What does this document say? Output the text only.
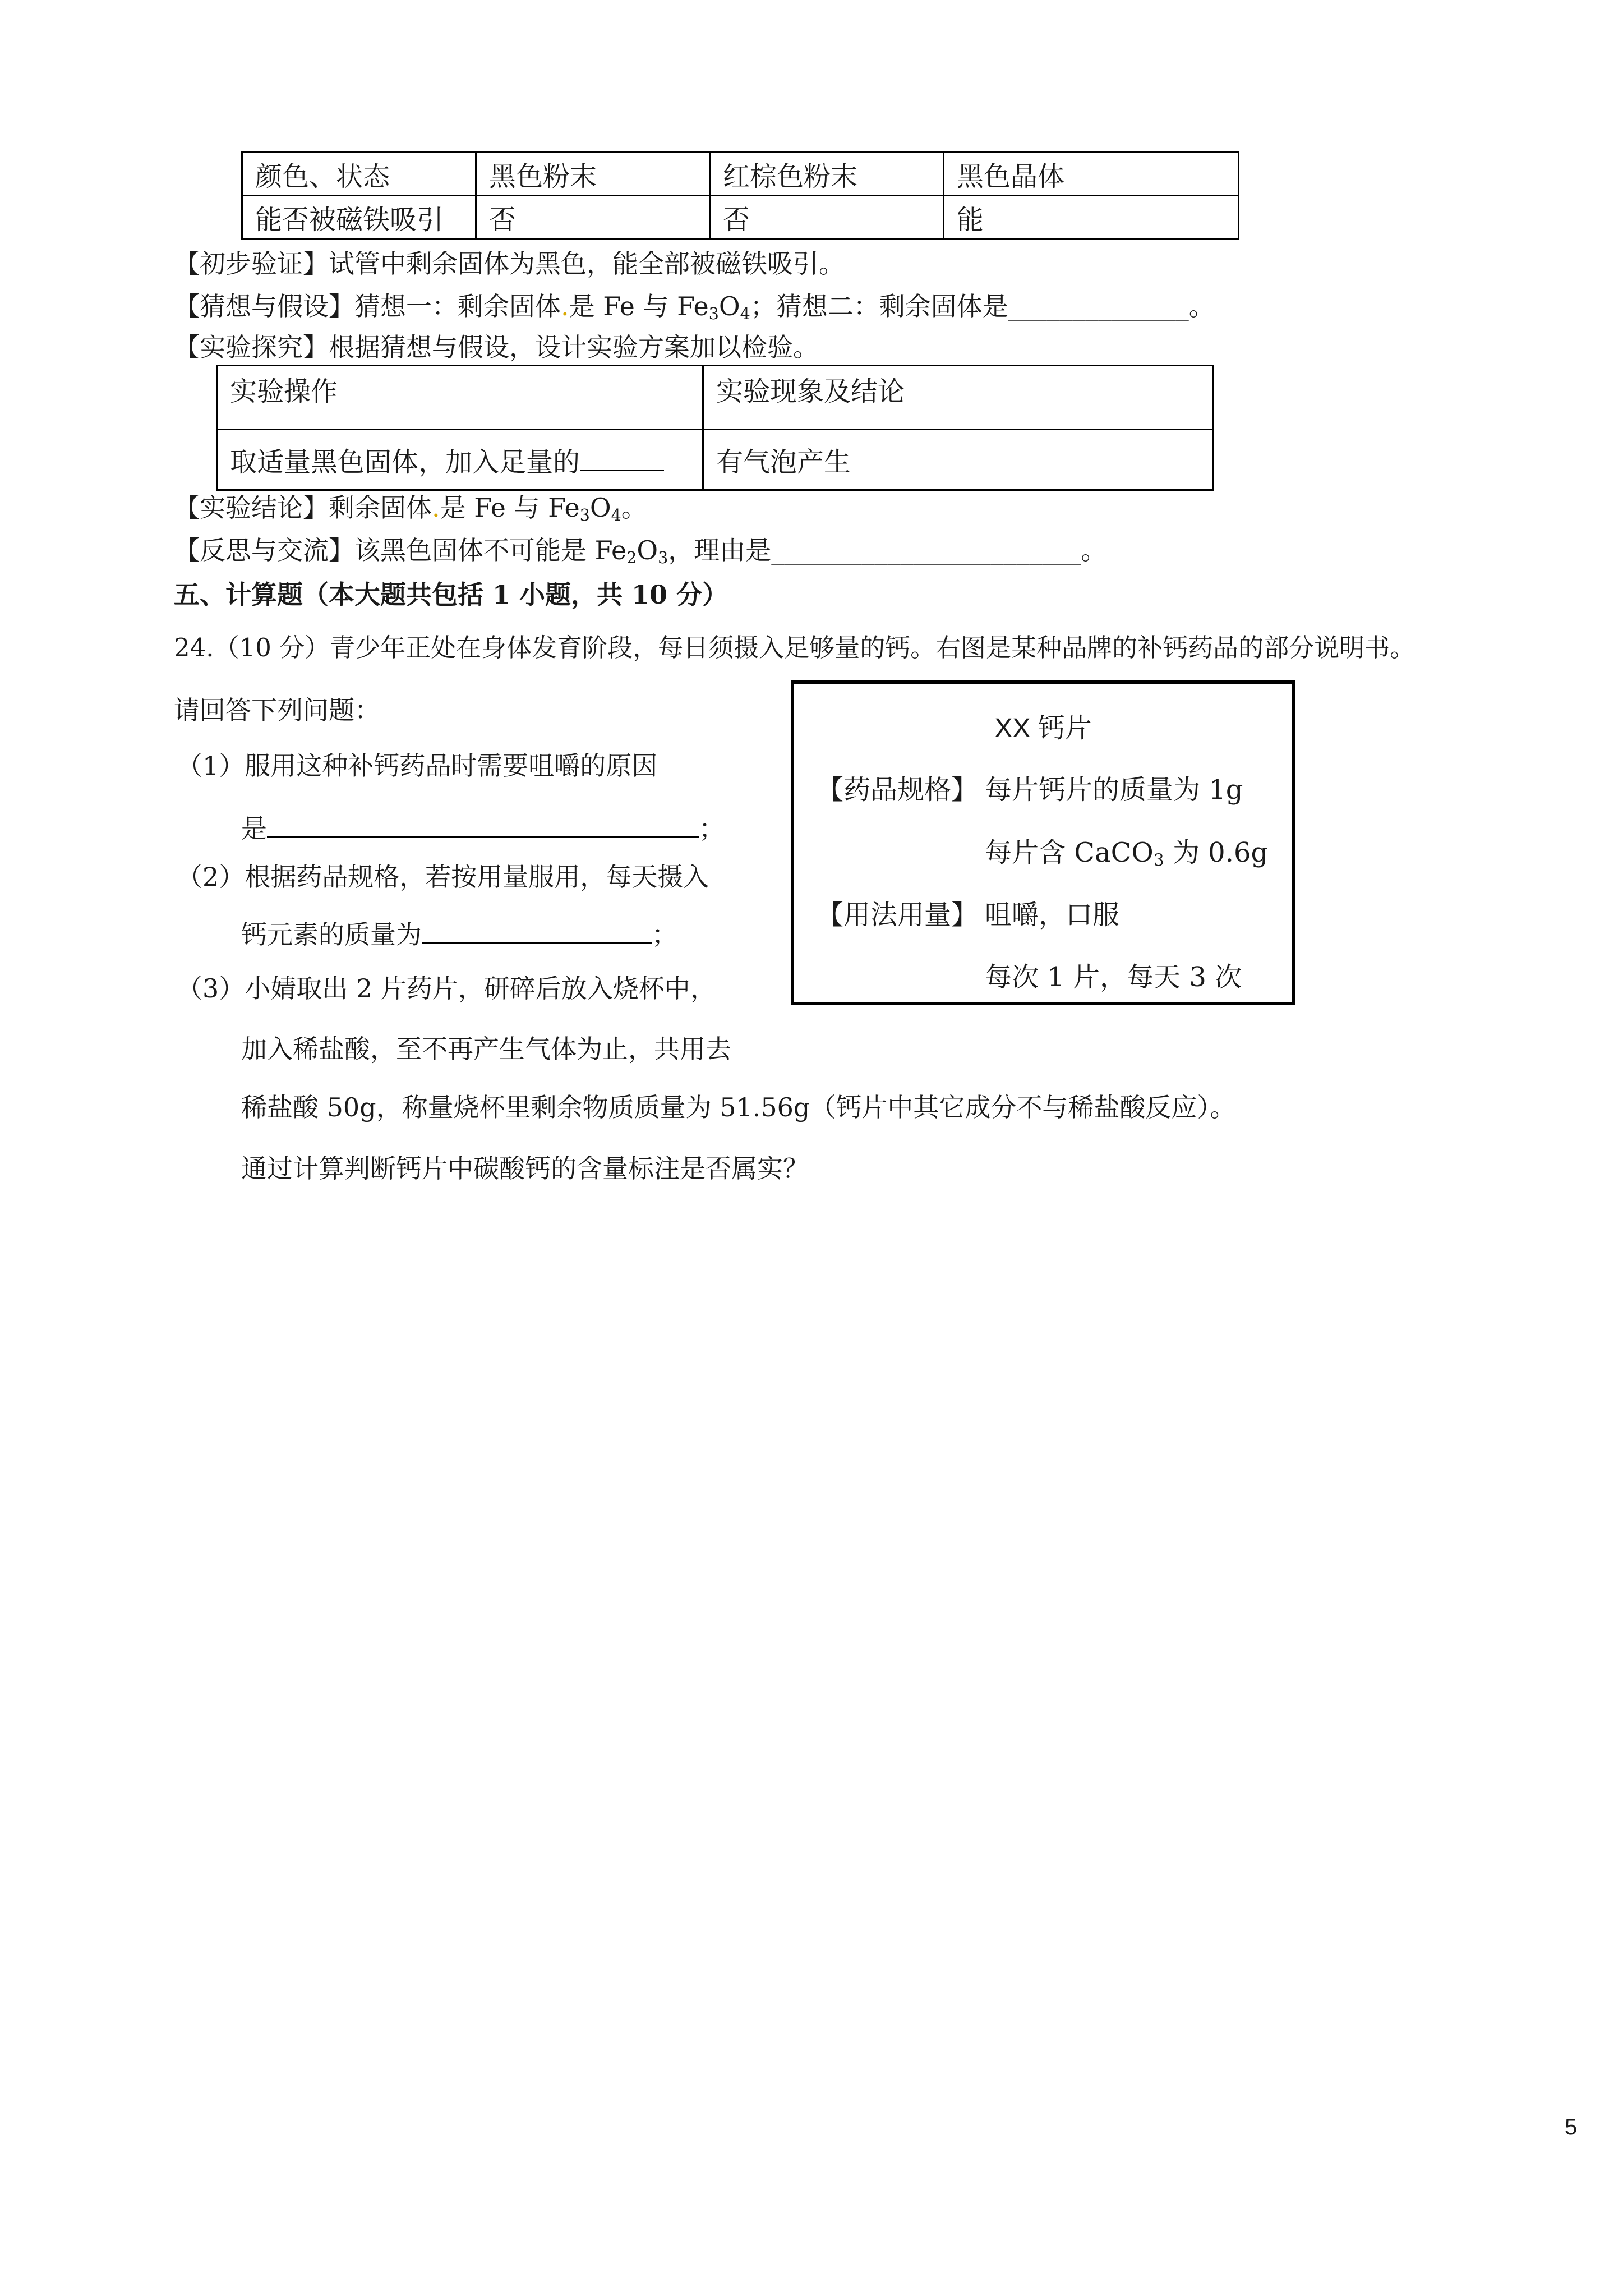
颜色、状态	黑色粉末	红棕色粉末	黑色晶体
能否被磁铁吸引	否	否	能
【初步验证】试管中剩余固体为黑色，能全部被磁铁吸引。
【猜想与假设】猜想一：剩余固体.是 Fe 与 $Fe_3O_4$；猜想二：剩余固体是______________。
【实验探究】根据猜想与假设，设计实验方案加以检验。
实验操作	实验现象及结论
取适量黑色固体，加入足量的	有气泡产生
【实验结论】剩余固体.是 Fe 与 $Fe_3O_4$。
【反思与交流】该黑色固体不可能是 $Fe_2O_3$，理由是________________________。
五、计算题（本大题共包括 1 小题，共 10 分）
24.（10 分）青少年正处在身体发育阶段，每日须摄入足够量的钙。右图是某种品牌的补钙药品的部分说明书。
请回答下列问题：
（1）服用这种补钙药品时需要咀嚼的原因
是	；
（2）根据药品规格，若按用量服用，每天摄入
钙元素的质量为	；
（3）小婧取出 2 片药片，研碎后放入烧杯中，
加入稀盐酸，至不再产生气体为止，共用去
稀盐酸 50g，称量烧杯里剩余物质质量为 51.56g（钙片中其它成分不与稀盐酸反应）。
通过计算判断钙片中碳酸钙的含量标注是否属实？
XX 钙片
【药品规格】 每片钙片的质量为 1g
每片含 CaCO$_3$ 为 0.6g
【用法用量】 咀嚼，口服
每次 1 片，每天 3 次
5
